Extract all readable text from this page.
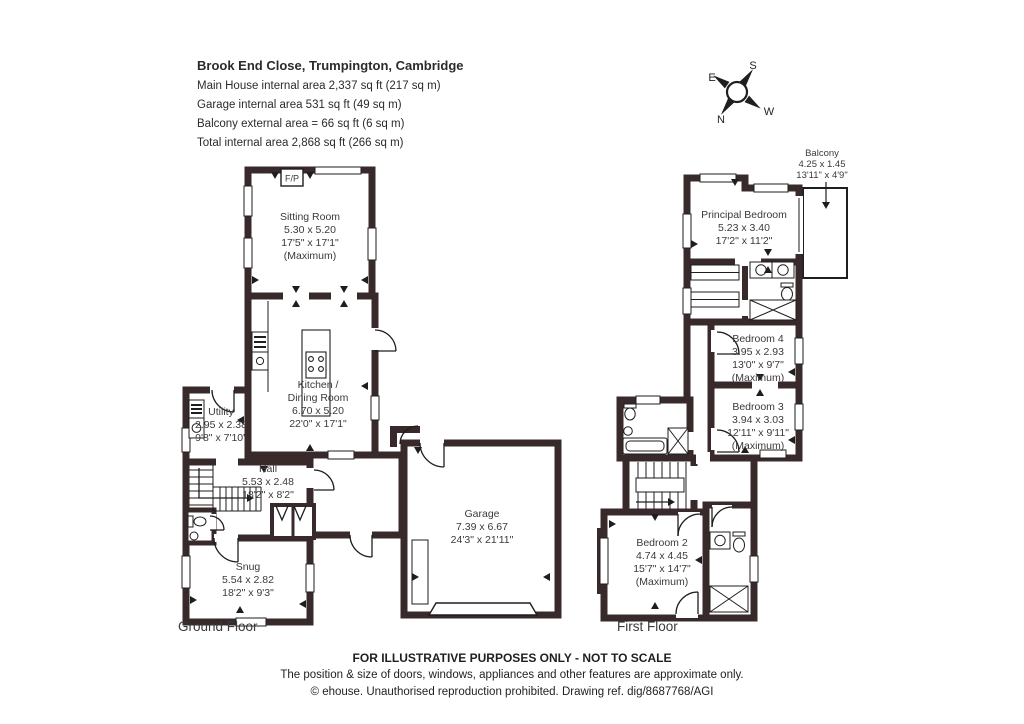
Brook End Close, Trumpington, Cambridge
Main House internal area 2,337 sq ft (217 sq m)
Garage internal area 531 sq ft (49 sq m)
Balcony external area = 66 sq ft (6 sq m)
Total internal area 2,868 sq ft (266 sq m)
S
E
W
N
F/P
Sitting Room
5.30 x 5.20
17'5" x 17'1"
(Maximum)
Kitchen /
Dining Room
6.70 x 5.20
22'0" x 17'1"
Utility
2.95 x 2.38
9'8" x 7'10"
Hall
5.53 x 2.48
18'2" x 8'2"
Snug
5.54 x 2.82
18'2" x 9'3"
Garage
7.39 x 6.67
24'3" x 21'11"
Principal Bedroom
5.23 x 3.40
17'2" x 11'2"
Bedroom 4
3.95 x 2.93
13'0" x 9'7"
(Maximum)
Bedroom 3
3.94 x 3.03
12'11" x 9'11"
(Maximum)
Bedroom 2
4.74 x 4.45
15'7" x 14'7"
(Maximum)
Balcony
4.25 x 1.45
13'11" x 4'9"
Ground Floor	First Floor
FOR ILLUSTRATIVE PURPOSES ONLY - NOT TO SCALE
The position & size of doors, windows, appliances and other features are approximate only.
© ehouse. Unauthorised reproduction prohibited. Drawing ref. dig/8687768/AGI
